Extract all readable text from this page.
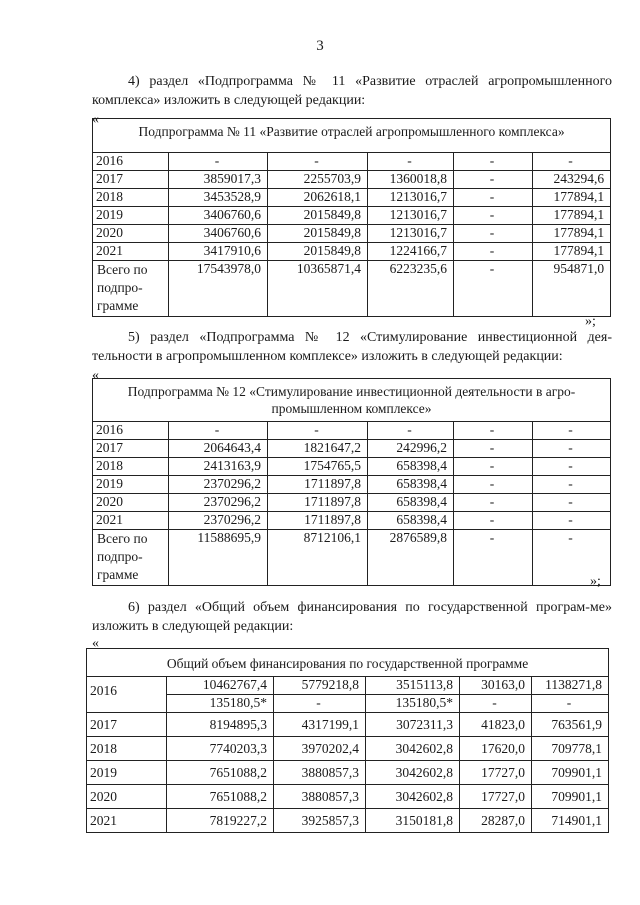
3
4) раздел «Подпрограмма № 11 «Развитие отраслей агропромышленного комплекса» изложить в следующей редакции:
«
Подпрограмма № 11 «Развитие отраслей агропромышленного комплекса»					
2016	-	-	-	-	-
2017	3859017,3	2255703,9	1360018,8	-	243294,6
2018	3453528,9	2062618,1	1213016,7	-	177894,1
2019	3406760,6	2015849,8	1213016,7	-	177894,1
2020	3406760,6	2015849,8	1213016,7	-	177894,1
2021	3417910,6	2015849,8	1224166,7	-	177894,1
Всего по подпро-грамме	17543978,0	10365871,4	6223235,6	-	954871,0
»;
5) раздел «Подпрограмма № 12 «Стимулирование инвестиционной дея-тельности в агропромышленном комплексе» изложить в следующей редакции:
«
Подпрограмма № 12 «Стимулирование инвестиционной деятельности в агро-промышленном комплексе»					
2016	-	-	-	-	-
2017	2064643,4	1821647,2	242996,2	-	-
2018	2413163,9	1754765,5	658398,4	-	-
2019	2370296,2	1711897,8	658398,4	-	-
2020	2370296,2	1711897,8	658398,4	-	-
2021	2370296,2	1711897,8	658398,4	-	-
Всего по подпро-грамме	11588695,9	8712106,1	2876589,8	-	-
»;
6) раздел «Общий объем финансирования по государственной програм-ме» изложить в следующей редакции:
«
Общий объем финансирования по государственной программе					
2016	10462767,4	5779218,8	3515113,8	30163,0	1138271,8
	135180,5*	-	135180,5*	-	-
2017	8194895,3	4317199,1	3072311,3	41823,0	763561,9
2018	7740203,3	3970202,4	3042602,8	17620,0	709778,1
2019	7651088,2	3880857,3	3042602,8	17727,0	709901,1
2020	7651088,2	3880857,3	3042602,8	17727,0	709901,1
2021	7819227,2	3925857,3	3150181,8	28287,0	714901,1
